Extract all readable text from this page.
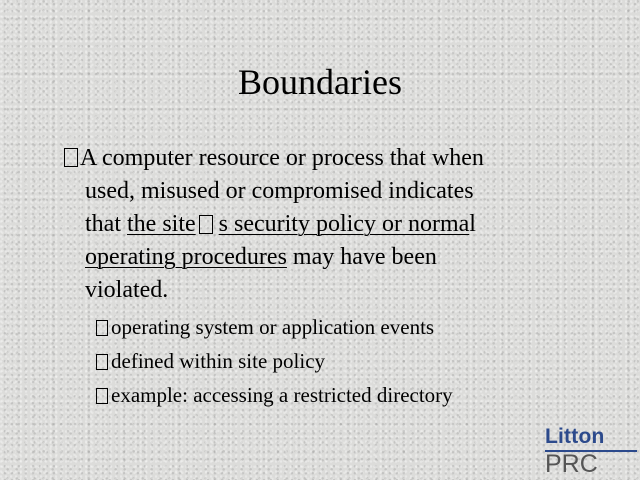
Boundaries
A computer resource or process that when
used, misused or compromised indicates
that the site s security policy or normal
operating procedures may have been
violated.
operating system or application events
defined within site policy
example: accessing a restricted directory
Litton
PRC
